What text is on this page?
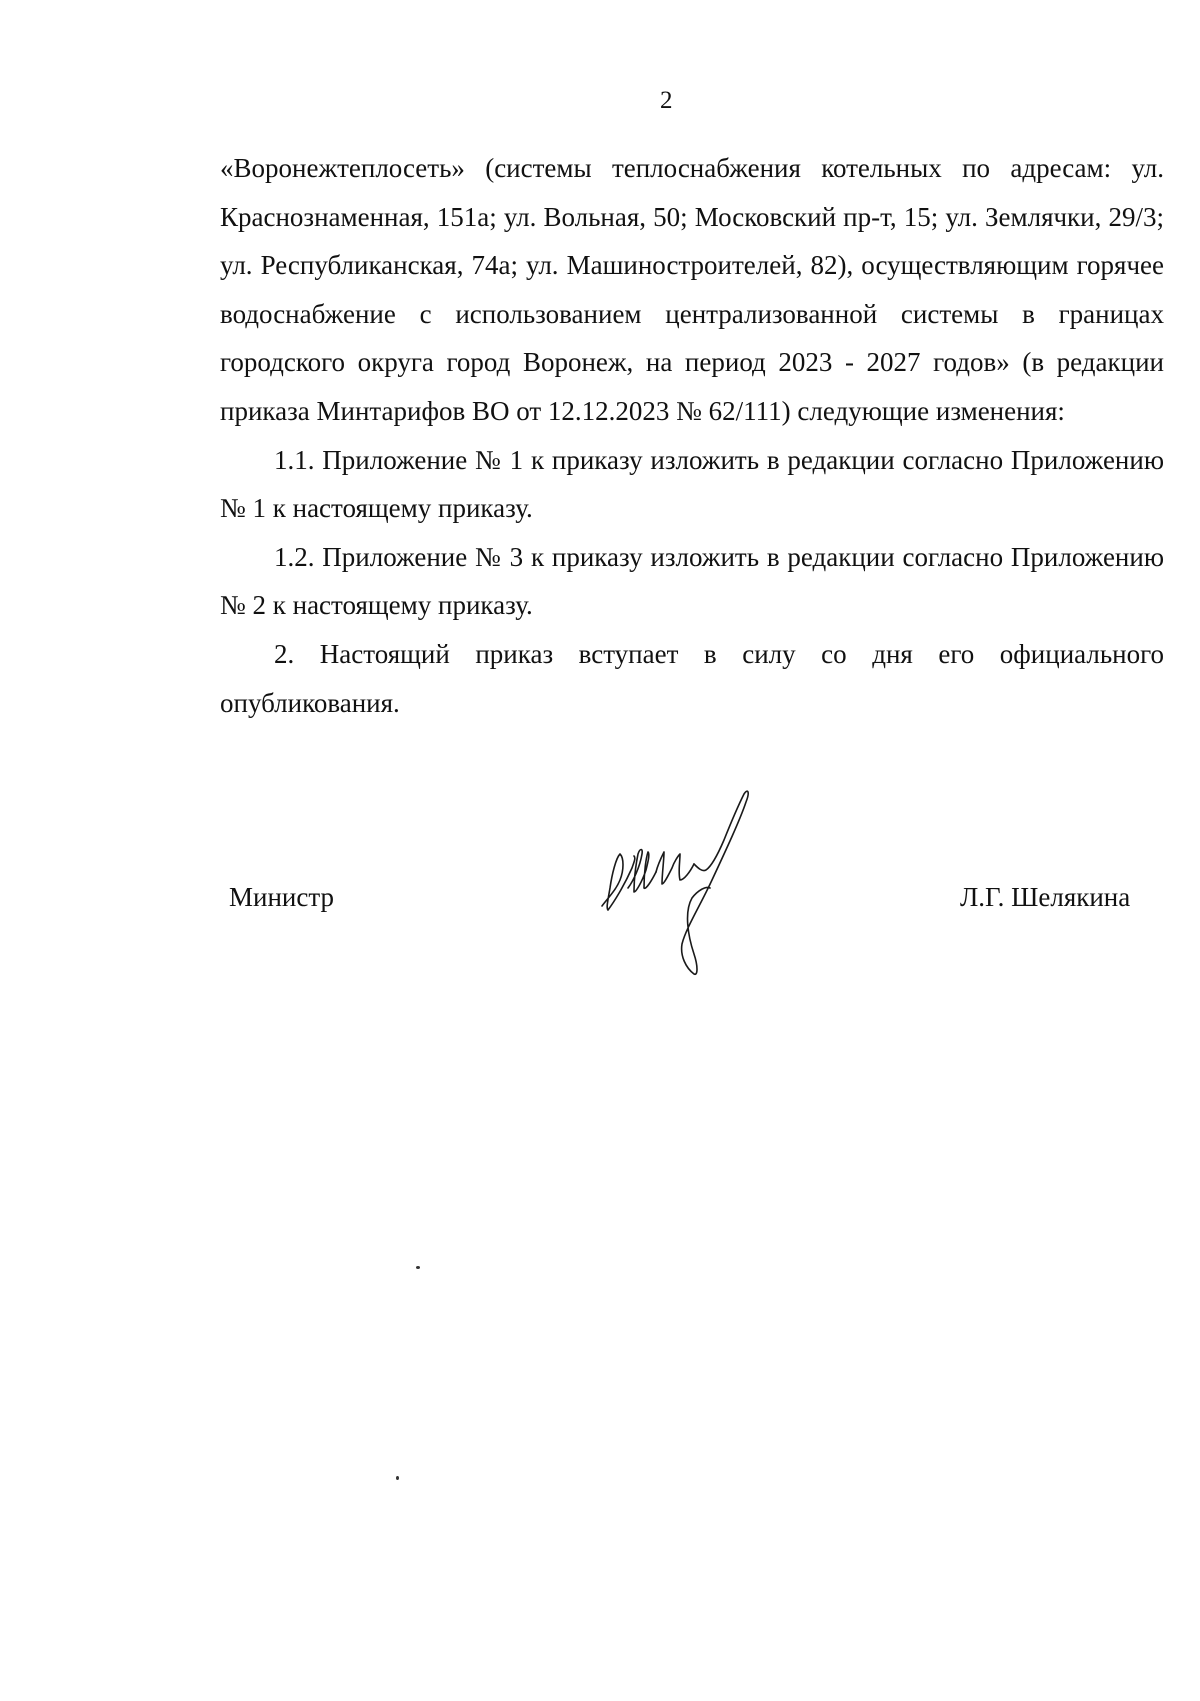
2

«Воронежтеплосеть» (системы теплоснабжения котельных по адресам: ул. Краснознаменная, 151а; ул. Вольная, 50; Московский пр-т, 15; ул. Землячки, 29/3; ул. Республиканская, 74а; ул. Машиностроителей, 82), осуществляющим горячее водоснабжение с использованием централизованной системы в границах городского округа город Воронеж, на период 2023 - 2027 годов» (в редакции приказа Минтарифов ВО от 12.12.2023 № 62/111) следующие изменения:

1.1. Приложение № 1 к приказу изложить в редакции согласно Приложению № 1 к настоящему приказу.

1.2. Приложение № 3 к приказу изложить в редакции согласно Приложению № 2 к настоящему приказу.

2. Настоящий приказ вступает в силу со дня его официального опубликования.

Министр	Л.Г. Шелякина
